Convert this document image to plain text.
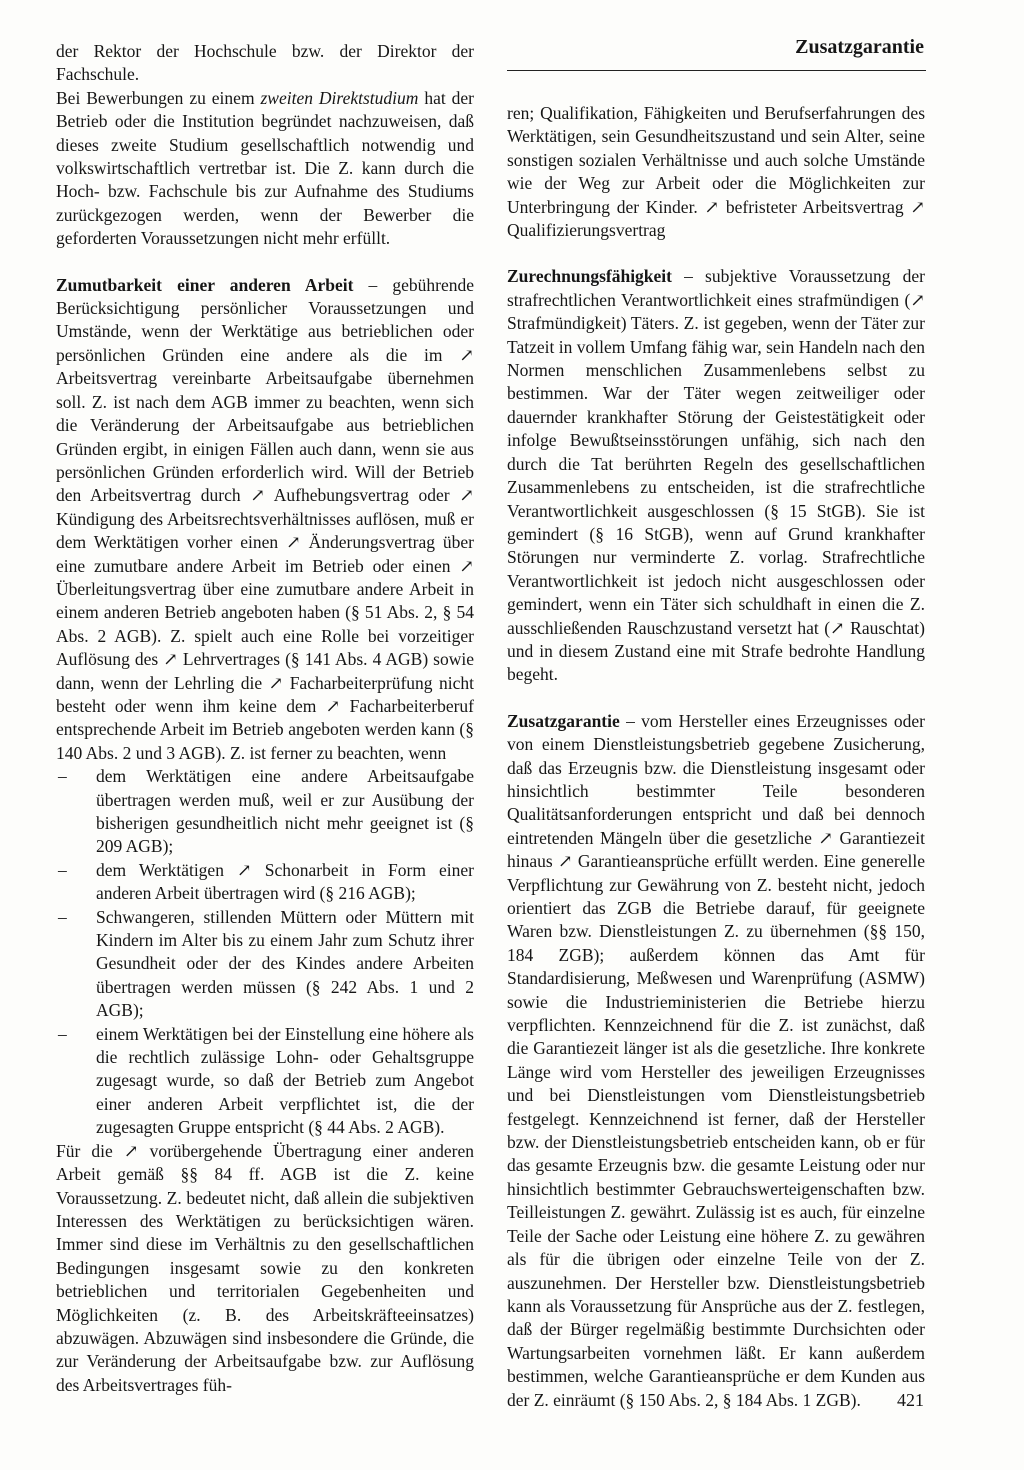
Zusatzgarantie

der Rektor der Hochschule bzw. der Direktor der Fachschule.

Bei Bewerbungen zu einem zweiten Direktstudium hat der Betrieb oder die Institution begründet nachzuweisen, daß dieses zweite Studium gesellschaftlich notwendig und volkswirtschaftlich vertretbar ist. Die Z. kann durch die Hoch- bzw. Fachschule bis zur Aufnahme des Studiums zurückgezogen werden, wenn der Bewerber die geforderten Voraussetzungen nicht mehr erfüllt.

Zumutbarkeit einer anderen Arbeit – gebührende Berücksichtigung persönlicher Voraussetzungen und Umstände, wenn der Werktätige aus betrieblichen oder persönlichen Gründen eine andere als die im ↗ Arbeitsvertrag vereinbarte Arbeitsaufgabe übernehmen soll. Z. ist nach dem AGB immer zu beachten, wenn sich die Veränderung der Arbeitsaufgabe aus betrieblichen Gründen ergibt, in einigen Fällen auch dann, wenn sie aus persönlichen Gründen erforderlich wird. Will der Betrieb den Arbeitsvertrag durch ↗ Aufhebungsvertrag oder ↗ Kündigung des Arbeitsrechtsverhältnisses auflösen, muß er dem Werktätigen vorher einen ↗ Änderungsvertrag über eine zumutbare andere Arbeit im Betrieb oder einen ↗ Überleitungsvertrag über eine zumutbare andere Arbeit in einem anderen Betrieb angeboten haben (§ 51 Abs. 2, § 54 Abs. 2 AGB). Z. spielt auch eine Rolle bei vorzeitiger Auflösung des ↗ Lehrvertrages (§ 141 Abs. 4 AGB) sowie dann, wenn der Lehrling die ↗ Facharbeiterprüfung nicht besteht oder wenn ihm keine dem ↗ Facharbeiterberuf entsprechende Arbeit im Betrieb angeboten werden kann (§ 140 Abs. 2 und 3 AGB). Z. ist ferner zu beachten, wenn

– dem Werktätigen eine andere Arbeitsaufgabe übertragen werden muß, weil er zur Ausübung der bisherigen gesundheitlich nicht mehr geeignet ist (§ 209 AGB);
– dem Werktätigen ↗ Schonarbeit in Form einer anderen Arbeit übertragen wird (§ 216 AGB);
– Schwangeren, stillenden Müttern oder Müttern mit Kindern im Alter bis zu einem Jahr zum Schutz ihrer Gesundheit oder der des Kindes andere Arbeiten übertragen werden müssen (§ 242 Abs. 1 und 2 AGB);
– einem Werktätigen bei der Einstellung eine höhere als die rechtlich zulässige Lohn- oder Gehaltsgruppe zugesagt wurde, so daß der Betrieb zum Angebot einer anderen Arbeit verpflichtet ist, die der zugesagten Gruppe entspricht (§ 44 Abs. 2 AGB).

Für die ↗ vorübergehende Übertragung einer anderen Arbeit gemäß §§ 84 ff. AGB ist die Z. keine Voraussetzung. Z. bedeutet nicht, daß allein die subjektiven Interessen des Werktätigen zu berücksichtigen wären. Immer sind diese im Verhältnis zu den gesellschaftlichen Bedingungen insgesamt sowie zu den konkreten betrieblichen und territorialen Gegebenheiten und Möglichkeiten (z. B. des Arbeitskräfteeinsatzes) abzuwägen. Abzuwägen sind insbesondere die Gründe, die zur Veränderung der Arbeitsaufgabe bzw. zur Auflösung des Arbeitsvertrages füh-

ren; Qualifikation, Fähigkeiten und Berufserfahrungen des Werktätigen, sein Gesundheitszustand und sein Alter, seine sonstigen sozialen Verhältnisse und auch solche Umstände wie der Weg zur Arbeit oder die Möglichkeiten zur Unterbringung der Kinder. ↗ befristeter Arbeitsvertrag ↗ Qualifizierungsvertrag

Zurechnungsfähigkeit – subjektive Voraussetzung der strafrechtlichen Verantwortlichkeit eines strafmündigen (↗ Strafmündigkeit) Täters. Z. ist gegeben, wenn der Täter zur Tatzeit in vollem Umfang fähig war, sein Handeln nach den Normen menschlichen Zusammenlebens selbst zu bestimmen. War der Täter wegen zeitweiliger oder dauernder krankhafter Störung der Geistestätigkeit oder infolge Bewußtseinsstörungen unfähig, sich nach den durch die Tat berührten Regeln des gesellschaftlichen Zusammenlebens zu entscheiden, ist die strafrechtliche Verantwortlichkeit ausgeschlossen (§ 15 StGB). Sie ist gemindert (§ 16 StGB), wenn auf Grund krankhafter Störungen nur verminderte Z. vorlag. Strafrechtliche Verantwortlichkeit ist jedoch nicht ausgeschlossen oder gemindert, wenn ein Täter sich schuldhaft in einen die Z. ausschließenden Rauschzustand versetzt hat (↗ Rauschtat) und in diesem Zustand eine mit Strafe bedrohte Handlung begeht.

Zusatzgarantie – vom Hersteller eines Erzeugnisses oder von einem Dienstleistungsbetrieb gegebene Zusicherung, daß das Erzeugnis bzw. die Dienstleistung insgesamt oder hinsichtlich bestimmter Teile besonderen Qualitätsanforderungen entspricht und daß bei dennoch eintretenden Mängeln über die gesetzliche ↗ Garantiezeit hinaus ↗ Garantieansprüche erfüllt werden. Eine generelle Verpflichtung zur Gewährung von Z. besteht nicht, jedoch orientiert das ZGB die Betriebe darauf, für geeignete Waren bzw. Dienstleistungen Z. zu übernehmen (§§ 150, 184 ZGB); außerdem können das Amt für Standardisierung, Meßwesen und Warenprüfung (ASMW) sowie die Industrieministerien die Betriebe hierzu verpflichten. Kennzeichnend für die Z. ist zunächst, daß die Garantiezeit länger ist als die gesetzliche. Ihre konkrete Länge wird vom Hersteller des jeweiligen Erzeugnisses und bei Dienstleistungen vom Dienstleistungsbetrieb festgelegt. Kennzeichnend ist ferner, daß der Hersteller bzw. der Dienstleistungsbetrieb entscheiden kann, ob er für das gesamte Erzeugnis bzw. die gesamte Leistung oder nur hinsichtlich bestimmter Gebrauchswerteigenschaften bzw. Teilleistungen Z. gewährt. Zulässig ist es auch, für einzelne Teile der Sache oder Leistung eine höhere Z. zu gewähren als für die übrigen oder einzelne Teile von der Z. auszunehmen. Der Hersteller bzw. Dienstleistungsbetrieb kann als Voraussetzung für Ansprüche aus der Z. festlegen, daß der Bürger regelmäßig bestimmte Durchsichten oder Wartungsarbeiten vornehmen läßt. Er kann außerdem bestimmen, welche Garantieansprüche er dem Kunden aus der Z. einräumt (§ 150 Abs. 2, § 184 Abs. 1 ZGB).	421
